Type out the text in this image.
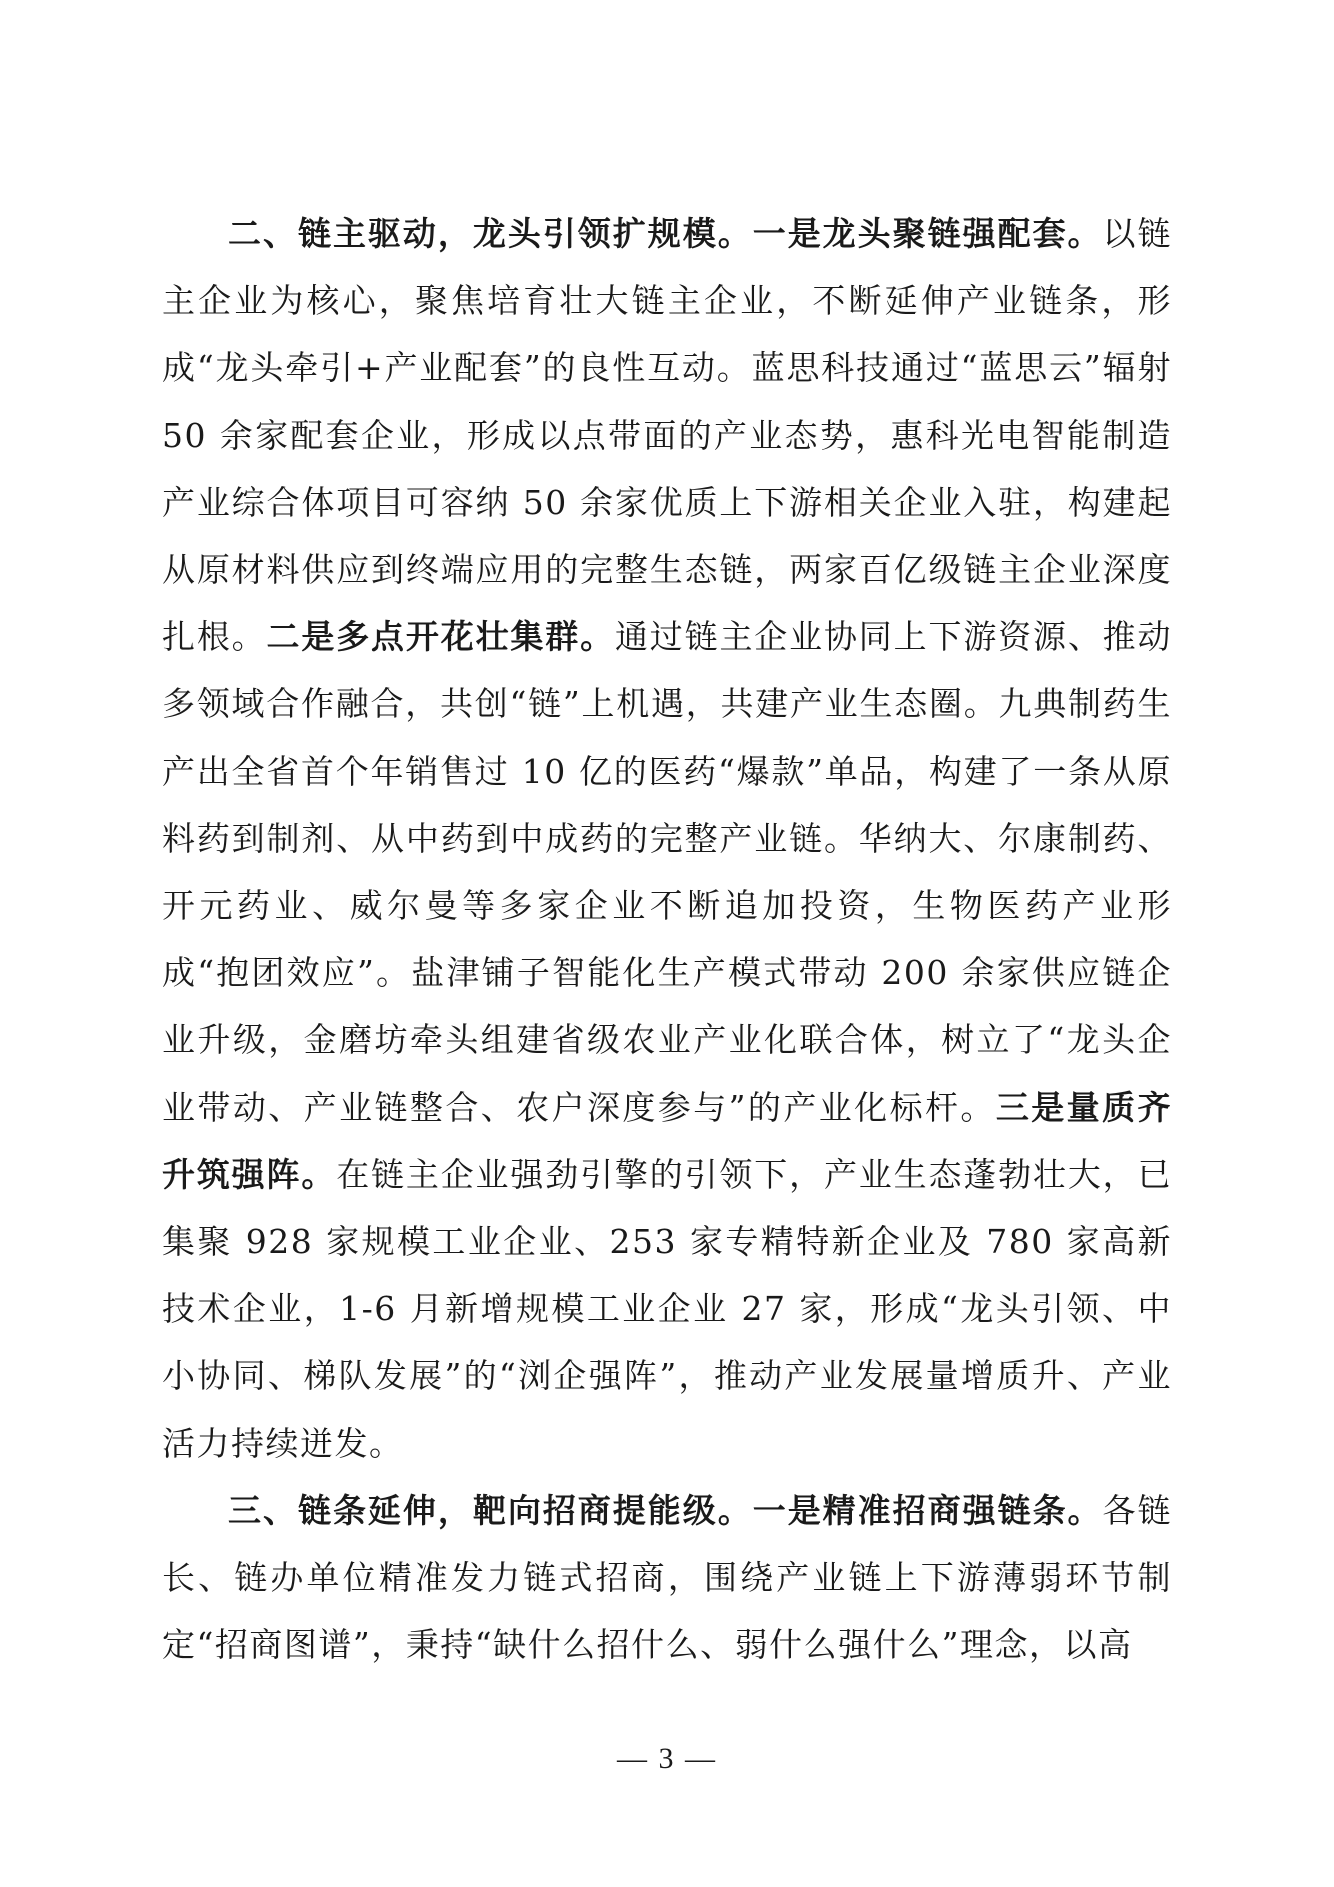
二、链主驱动，龙头引领扩规模。一是龙头聚链强配套。以链主企业为核心，聚焦培育壮大链主企业，不断延伸产业链条，形成“龙头牵引+产业配套”的良性互动。蓝思科技通过“蓝思云”辐射 50 余家配套企业，形成以点带面的产业态势，惠科光电智能制造产业综合体项目可容纳 50 余家优质上下游相关企业入驻，构建起从原材料供应到终端应用的完整生态链，两家百亿级链主企业深度扎根。二是多点开花壮集群。通过链主企业协同上下游资源、推动多领域合作融合，共创“链”上机遇，共建产业生态圈。九典制药生产出全省首个年销售过 10 亿的医药“爆款”单品，构建了一条从原料药到制剂、从中药到中成药的完整产业链。华纳大、尔康制药、开元药业、威尔曼等多家企业不断追加投资，生物医药产业形成“抱团效应”。盐津铺子智能化生产模式带动 200 余家供应链企业升级，金磨坊牵头组建省级农业产业化联合体，树立了“龙头企业带动、产业链整合、农户深度参与”的产业化标杆。三是量质齐升筑强阵。在链主企业强劲引擎的引领下，产业生态蓬勃壮大，已集聚 928 家规模工业企业、253 家专精特新企业及 780 家高新技术企业，1-6 月新增规模工业企业 27 家，形成“龙头引领、中小协同、梯队发展”的“浏企强阵”，推动产业发展量增质升、产业活力持续迸发。

三、链条延伸，靶向招商提能级。一是精准招商强链条。各链长、链办单位精准发力链式招商，围绕产业链上下游薄弱环节制定“招商图谱”，秉持“缺什么招什么、弱什么强什么”理念，以高

— 3 —
